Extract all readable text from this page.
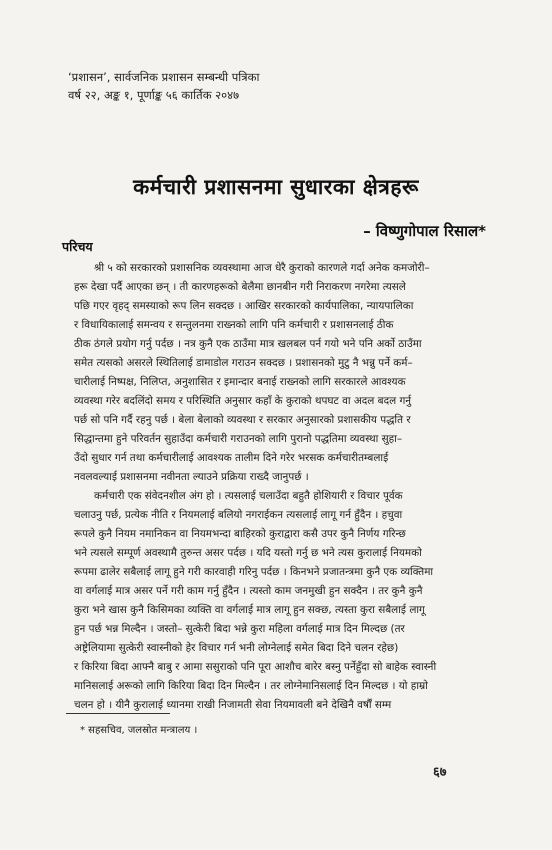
‘प्रशासन’, सार्वजनिक प्रशासन सम्बन्धी पत्रिका
वर्ष २२, अङ्क १, पूर्णाङ्क ५६ कार्तिक २०४७
कर्मचारी प्रशासनमा सुधारका क्षेत्रहरू
– विष्णुगोपाल रिसाल*
परिचय
श्री ५ को सरकारको प्रशासनिक व्यवस्थामा आज धेरै कुराको कारणले गर्दा अनेक कमजोरी–
हरू देखा पर्दै आएका छन् । ती कारणहरूको बेलैमा छानबीन गरी निराकरण नगरेमा त्यसले
पछि गएर वृहद् समस्याको रूप लिन सक्दछ । आखिर सरकारको कार्यपालिका, न्यायपालिका
र विधायिकालाई समन्वय र सन्तुलनमा राख्नको लागि पनि कर्मचारी र प्रशासनलाई ठीक
ठीक ठंगले प्रयोग गर्नु पर्दछ । नत्र कुनै एक ठाउँमा मात्र खलबल पर्न गयो भने पनि अर्को ठाउँमा
समेत त्यसको असरले स्थितिलाई डामाडोल गराउन सक्दछ । प्रशासनको मुटु नै भन्नु पर्ने कर्म–
चारीलाई निष्पक्ष, निलिप्त, अनुशासित र इमान्दार बनाई राख्नको लागि सरकारले आवश्यक
व्यवस्था गरेर बदलिंदो समय र परिस्थिति अनुसार कहाँ के कुराको थपघट वा अदल बदल गर्नु
पर्छ सो पनि गर्दै रहनु पर्छ । बेला बेलाको व्यवस्था र सरकार अनुसारको प्रशासकीय पद्धति र
सिद्धान्तमा हुने परिवर्तन सुहाउँदा कर्मचारी गराउनको लागि पुरानो पद्धतिमा व्यवस्था सुहा–
उँदो सुधार गर्न तथा कर्मचारीलाई आवश्यक तालीम दिने गरेर भरसक कर्मचारीतम्बलाई
नवलवल्याई प्रशासनमा नवीनता ल्याउने प्रक्रिया राख्दै जानुपर्छ ।
कर्मचारी एक संवेदनशील अंग हो । त्यसलाई चलाउँदा बहुतै होशियारी र विचार पूर्वक
चलाउनु पर्छ, प्रत्येक नीति र नियमलाई बलियो नगराईकन त्यसलाई लागू गर्न हुँदैन । हचुवा
रूपले कुनै नियम नमानिकन वा नियमभन्दा बाहिरको कुराद्वारा कसै उपर कुनै निर्णय गरिन्छ
भने त्यसले सम्पूर्ण अवस्थामै तुरुन्त असर पर्दछ । यदि यस्तो गर्नु छ भने त्यस कुरालाई नियमको
रूपमा ढालेर सबैलाई लागू हुने गरी कारवाही गरिनु पर्दछ । किनभने प्रजातन्त्रमा कुनै एक व्यक्तिमा
वा वर्गलाई मात्र असर पर्ने गरी काम गर्नु हुँदैन । त्यस्तो काम जनमुखी हुन सक्दैन । तर कुनै कुनै
कुरा भने खास कुनै किसिमका व्यक्ति वा वर्गलाई मात्र लागू हुन सक्छ, त्यस्ता कुरा सबैलाई लागू
हुन पर्छ भन्न मिल्दैन । जस्तो– सुत्केरी बिदा भन्ने कुरा महिला वर्गलाई मात्र दिन मिल्दछ (तर
अष्ट्रेलियामा सुत्केरी स्वास्नीको हेर विचार गर्न भनी लोग्नेलाई समेत बिदा दिने चलन रहेछ)
र किरिया बिदा आफ्नै बाबु र आमा ससुराको पनि पूरा आशौच बारेर बस्नु पर्नेहुँदा सो बाहेक स्वास्नी
मानिसलाई अरूको लागि किरिया बिदा दिन मिल्दैन । तर लोग्नेमानिसलाई दिन मिल्दछ । यो हाम्रो
चलन हो । यीनै कुरालाई ध्यानमा राखी निजामती सेवा नियमावली बने देखिनै वर्षौं सम्म
* सहसचिव, जलस्रोत मन्त्रालय ।
६७
